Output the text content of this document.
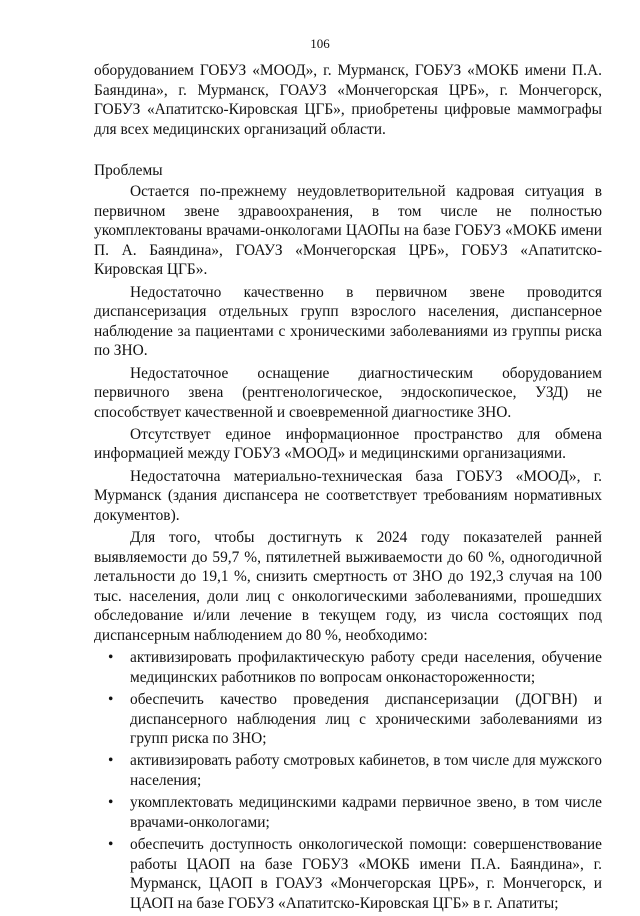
106

оборудованием ГОБУЗ «МООД», г. Мурманск, ГОБУЗ «МОКБ имени П.А. Баяндина», г. Мурманск, ГОАУЗ «Мончегорская ЦРБ», г. Мончегорск, ГОБУЗ «Апатитско-Кировская ЦГБ», приобретены цифровые маммографы для всех медицинских организаций области.

Проблемы

Остается по-прежнему неудовлетворительной кадровая ситуация в первичном звене здравоохранения, в том числе не полностью укомплектованы врачами-онкологами ЦАОПы на базе ГОБУЗ «МОКБ имени П. А. Баяндина», ГОАУЗ «Мончегорская ЦРБ», ГОБУЗ «Апатитско-Кировская ЦГБ».

Недостаточно качественно в первичном звене проводится диспансеризация отдельных групп взрослого населения, диспансерное наблюдение за пациентами с хроническими заболеваниями из группы риска по ЗНО.

Недостаточное оснащение диагностическим оборудованием первичного звена (рентгенологическое, эндоскопическое, УЗД) не способствует качественной и своевременной диагностике ЗНО.

Отсутствует единое информационное пространство для обмена информацией между ГОБУЗ «МООД» и медицинскими организациями.

Недостаточна материально-техническая база ГОБУЗ «МООД», г. Мурманск (здания диспансера не соответствует требованиям нормативных документов).

Для того, чтобы достигнуть к 2024 году показателей ранней выявляемости до 59,7 %, пятилетней выживаемости до 60 %, одногодичной летальности до 19,1 %, снизить смертность от ЗНО до 192,3 случая на 100 тыс. населения, доли лиц с онкологическими заболеваниями, прошедших обследование и/или лечение в текущем году, из числа состоящих под диспансерным наблюдением до 80 %, необходимо:

• активизировать профилактическую работу среди населения, обучение медицинских работников по вопросам онконастороженности;
• обеспечить качество проведения диспансеризации (ДОГВН) и диспансерного наблюдения лиц с хроническими заболеваниями из групп риска по ЗНО;
• активизировать работу смотровых кабинетов, в том числе для мужского населения;
• укомплектовать медицинскими кадрами первичное звено, в том числе врачами-онкологами;
• обеспечить доступность онкологической помощи: совершенствование работы ЦАОП на базе ГОБУЗ «МОКБ имени П.А. Баяндина», г. Мурманск, ЦАОП в ГОАУЗ «Мончегорская ЦРБ», г. Мончегорск, и ЦАОП на базе ГОБУЗ «Апатитско-Кировская ЦГБ» в г. Апатиты;
